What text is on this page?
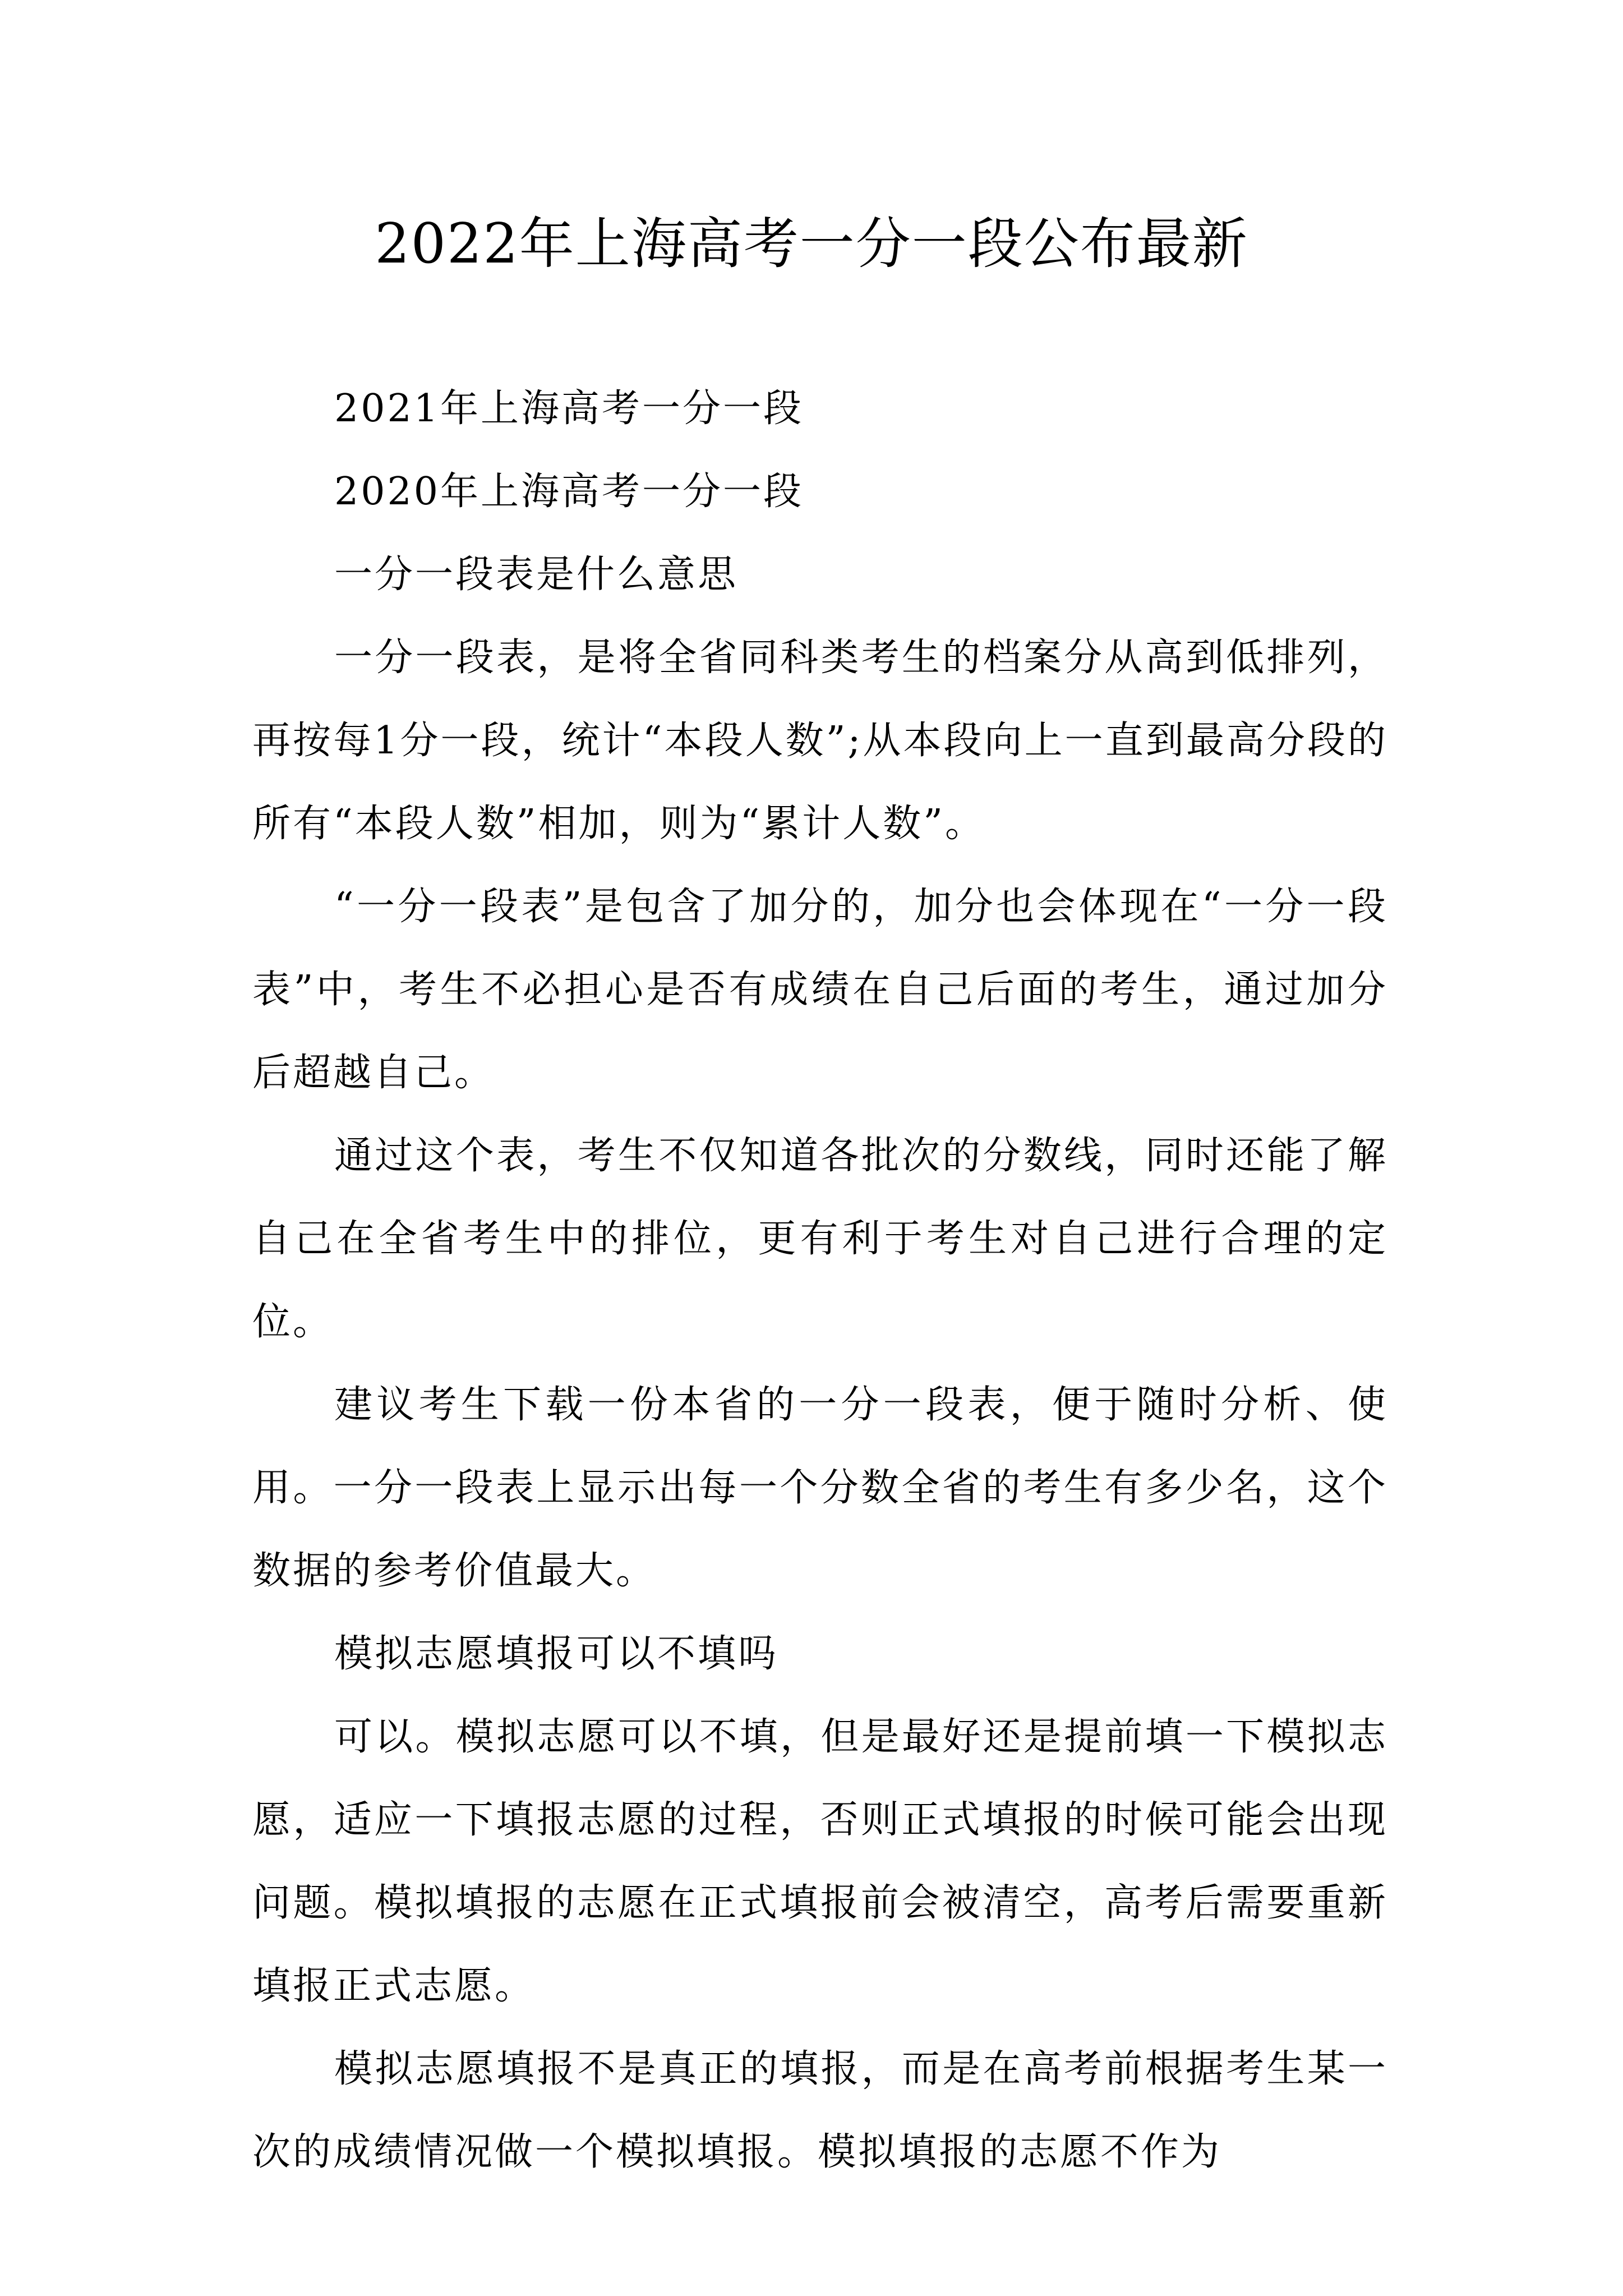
2022年上海高考一分一段公布最新

2021年上海高考一分一段

2020年上海高考一分一段

一分一段表是什么意思

一分一段表，是将全省同科类考生的档案分从高到低排列，再按每1分一段，统计“本段人数”;从本段向上一直到最高分段的所有“本段人数”相加，则为“累计人数”。

“一分一段表”是包含了加分的，加分也会体现在“一分一段表”中，考生不必担心是否有成绩在自己后面的考生，通过加分后超越自己。

通过这个表，考生不仅知道各批次的分数线，同时还能了解自己在全省考生中的排位，更有利于考生对自己进行合理的定位。

建议考生下载一份本省的一分一段表，便于随时分析、使用。一分一段表上显示出每一个分数全省的考生有多少名，这个数据的参考价值最大。

模拟志愿填报可以不填吗

可以。模拟志愿可以不填，但是最好还是提前填一下模拟志愿，适应一下填报志愿的过程，否则正式填报的时候可能会出现问题。模拟填报的志愿在正式填报前会被清空，高考后需要重新填报正式志愿。

模拟志愿填报不是真正的填报，而是在高考前根据考生某一次的成绩情况做一个模拟填报。模拟填报的志愿不作为
